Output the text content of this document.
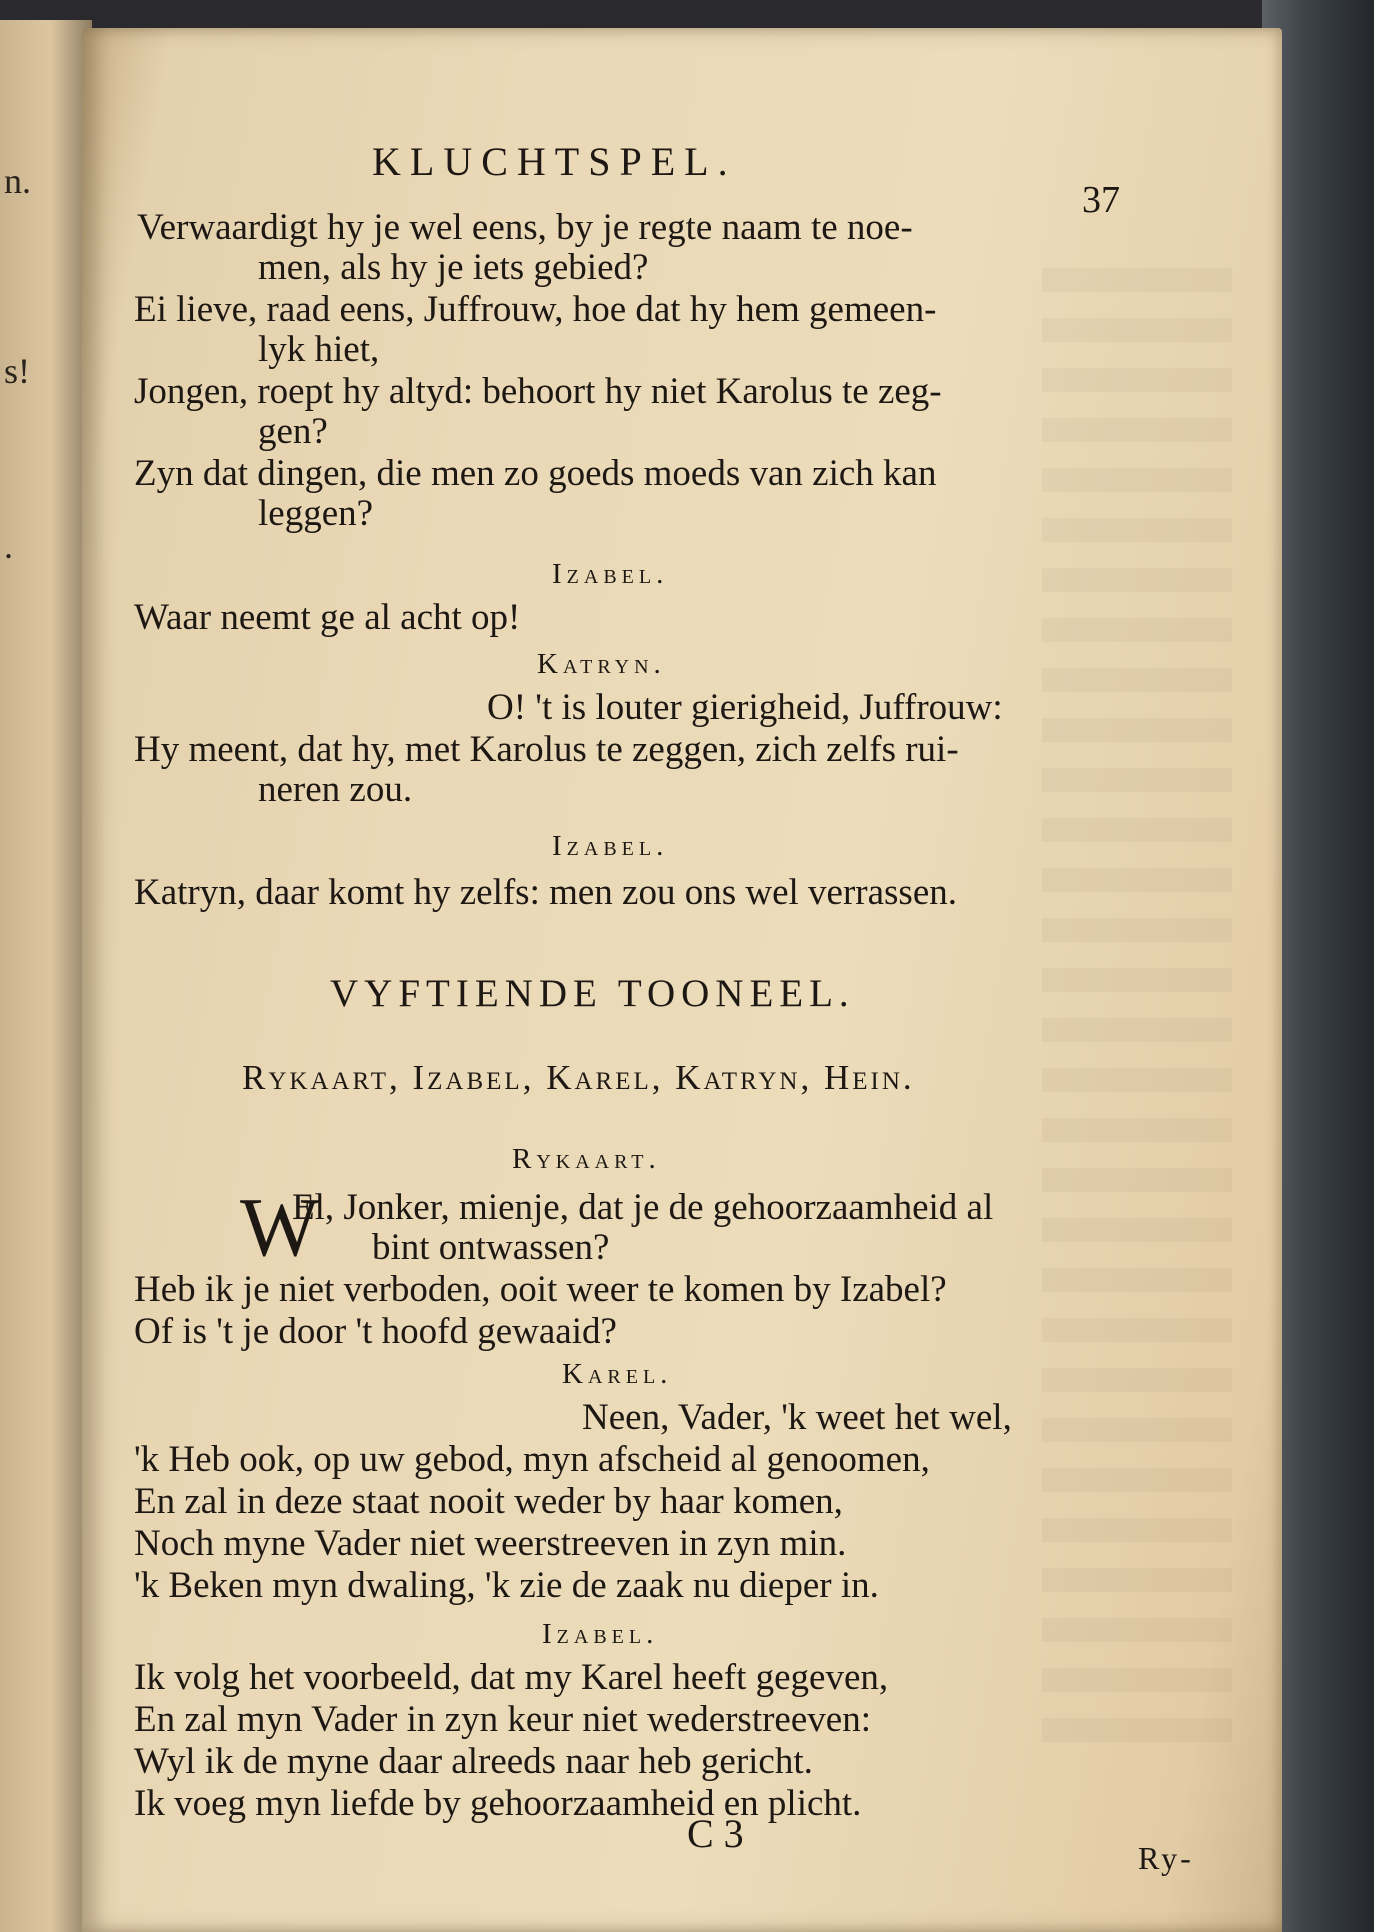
n.
s!
.
KLUCHTSPEL.
37
Verwaardigt hy je wel eens, by je regte naam te noe-
men, als hy je iets gebied?
Ei lieve, raad eens, Juffrouw, hoe dat hy hem gemeen-
lyk hiet,
Jongen, roept hy altyd: behoort hy niet Karolus te zeg-
gen?
Zyn dat dingen, die men zo goeds moeds van zich kan
leggen?
Izabel.
Waar neemt ge al acht op!
Katryn.
O! 't is louter gierigheid, Juffrouw:
Hy meent, dat hy, met Karolus te zeggen, zich zelfs rui-
neren zou.
Izabel.
Katryn, daar komt hy zelfs: men zou ons wel verrassen.
VYFTIENDE TOONEEL.
Rykaart, Izabel, Karel, Katryn, Hein.
Rykaart.
W
El, Jonker, mienje, dat je de gehoorzaamheid al
bint ontwassen?
Heb ik je niet verboden, ooit weer te komen by Izabel?
Of is 't je door 't hoofd gewaaid?
Karel.
Neen, Vader, 'k weet het wel,
'k Heb ook, op uw gebod, myn afscheid al genoomen,
En zal in deze staat nooit weder by haar komen,
Noch myne Vader niet weerstreeven in zyn min.
'k Beken myn dwaling, 'k zie de zaak nu dieper in.
Izabel.
Ik volg het voorbeeld, dat my Karel heeft gegeven,
En zal myn Vader in zyn keur niet wederstreeven:
Wyl ik de myne daar alreeds naar heb gericht.
Ik voeg myn liefde by gehoorzaamheid en plicht.
C 3
Ry-
